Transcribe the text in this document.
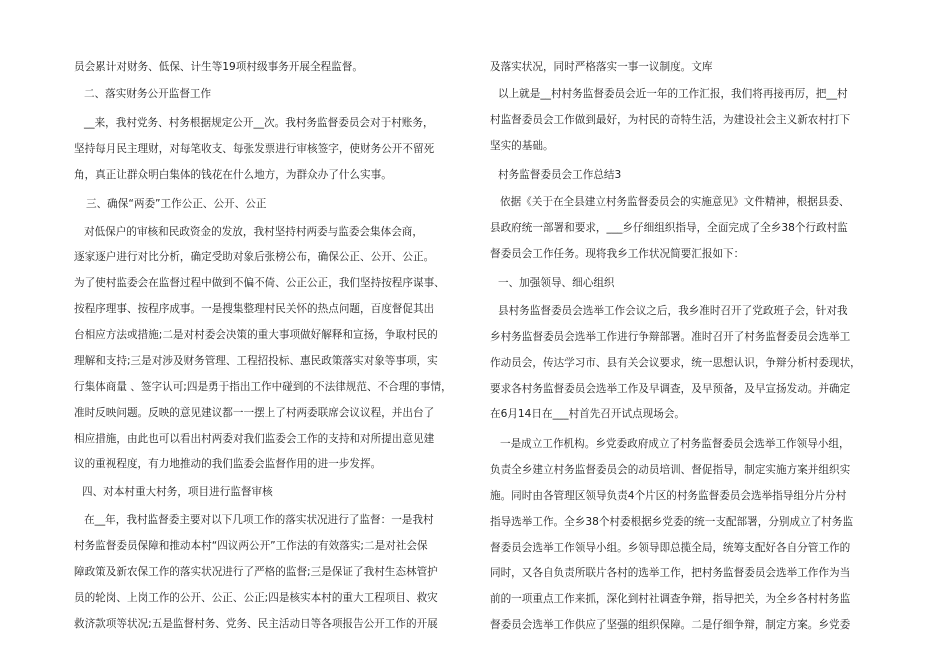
员会累计对财务、低保、计生等19项村级事务开展全程监督。
二、落实财务公开监督工作
__来，我村党务、村务根据规定公开__次。我村务监督委员会对于村账务，
坚持每月民主理财，对每笔收支、每张发票进行审核签字，使财务公开不留死
角，真正让群众明白集体的钱花在什么地方，为群众办了什么实事。
三、确保“两委”工作公正、公开、公正
对低保户的审核和民政资金的发放，我村坚持村两委与监委会集体会商，
逐家逐户进行对比分析，确定受助对象后张榜公布，确保公正、公开、公正。
为了使村监委会在监督过程中做到不偏不倚、公正公正，我们坚持按程序谋事、
按程序理事、按程序成事。一是搜集整理村民关怀的热点问题，百度督促其出
台相应方法或措施;二是对村委会决策的重大事项做好解释和宣扬，争取村民的
理解和支持;三是对涉及财务管理、工程招投标、惠民政策落实对象等事项，实
行集体商量 、签字认可;四是勇于指出工作中碰到的不法律规范、不合理的事情，
准时反映问题。反映的意见建议都一一摆上了村两委联席会议议程，并出台了
相应措施，由此也可以看出村两委对我们监委会工作的支持和对所提出意见建
议的重视程度，有力地推动的我们监委会监督作用的进一步发挥。
四、对本村重大村务，项目进行监督审核
在__年，我村监督委主要对以下几项工作的落实状况进行了监督：一是我村
村务监督委员保障和推动本村“四议两公开”工作法的有效落实;二是对社会保
障政策及新农保工作的落实状况进行了严格的监督;三是保证了我村生态林管护
员的轮岗、上岗工作的公开、公正、公正;四是核实本村的重大工程项目、救灾
救济款项等状况;五是监督村务、党务、民主活动日等各项报告公开工作的开展
及落实状况，同时严格落实一事一议制度。文库
以上就是__村村务监督委员会近一年的工作汇报，我们将再接再厉，把__村
村监督委员会工作做到最好，为村民的奇特生活，为建设社会主义新农村打下
坚实的基础。
村务监督委员会工作总结3
依据《关于在全县建立村务监督委员会的实施意见》文件精神，根据县委、
县政府统一部署和要求，___乡仔细组织指导，全面完成了全乡38个行政村监
督委员会工作任务。现将我乡工作状况简要汇报如下：
一、加强领导、细心组织
县村务监督委员会选举工作会议之后，我乡准时召开了党政班子会，针对我
乡村务监督委员会选举工作进行争辩部署。准时召开了村务监督委员会选举工
作动员会，传达学习市、县有关会议要求，统一思想认识，争辩分析村委现状，
要求各村务监督委员会选举工作及早调查，及早预备，及早宣扬发动。并确定
在6月14日在___村首先召开试点现场会。
一是成立工作机构。乡党委政府成立了村务监督委员会选举工作领导小组，
负责全乡建立村务监督委员会的动员培训、督促指导，制定实施方案并组织实
施。同时由各管理区领导负责4个片区的村务监督委员会选举指导组分片分村
指导选举工作。全乡38个村委根据乡党委的统一支配部署，分别成立了村务监
督委员会选举工作领导小组。乡领导即总揽全局，统筹支配好各自分管工作的
同时，又各自负责所联片各村的选举工作，把村务监督委员会选举工作作为当
前的一项重点工作来抓，深化到村社调查争辩，指导把关，为全乡各村村务监
督委员会选举工作供应了坚强的组织保障。二是仔细争辩，制定方案。乡党委
